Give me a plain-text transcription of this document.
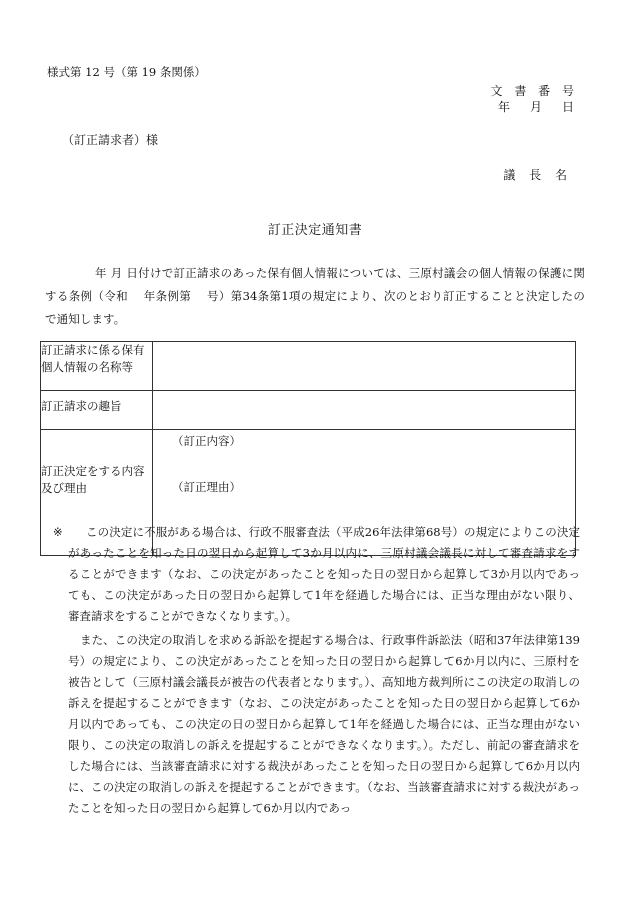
様式第 12 号（第 19 条関係）
文 書 番 号
年　月　日
（訂正請求者）様
議 長 名
訂正決定通知書
年 月 日付けで訂正請求のあった保有個人情報については、三原村議会の個人情報の保護に関する条例（令和　 年条例第　 号）第34条第1項の規定により、次のとおり訂正することと決定したので通知します。
訂正請求に係る保有個人情報の名称等	
訂正請求の趣旨	
訂正決定をする内容及び理由	（訂正内容）
（訂正理由）
※	この決定に不服がある場合は、行政不服審査法（平成26年法律第68号）の規定によりこの決定があったことを知った日の翌日から起算して3か月以内に、三原村議会議長に対して審査請求をすることができます（なお、この決定があったことを知った日の翌日から起算して3か月以内であっても、この決定があった日の翌日から起算して1年を経過した場合には、正当な理由がない限り、審査請求をすることができなくなります。）。

また、この決定の取消しを求める訴訟を提起する場合は、行政事件訴訟法（昭和37年法律第139号）の規定により、この決定があったことを知った日の翌日から起算して6か月以内に、三原村を被告として（三原村議会議長が被告の代表者となります。）、高知地方裁判所にこの決定の取消しの訴えを提起することができます（なお、この決定があったことを知った日の翌日から起算して6か月以内であっても、この決定の日の翌日から起算して1年を経過した場合には、正当な理由がない限り、この決定の取消しの訴えを提起することができなくなります。）。ただし、前記の審査請求をした場合には、当該審査請求に対する裁決があったことを知った日の翌日から起算して6か月以内に、この決定の取消しの訴えを提起することができます。（なお、当該審査請求に対する裁決があったことを知った日の翌日から起算して6か月以内であっ
